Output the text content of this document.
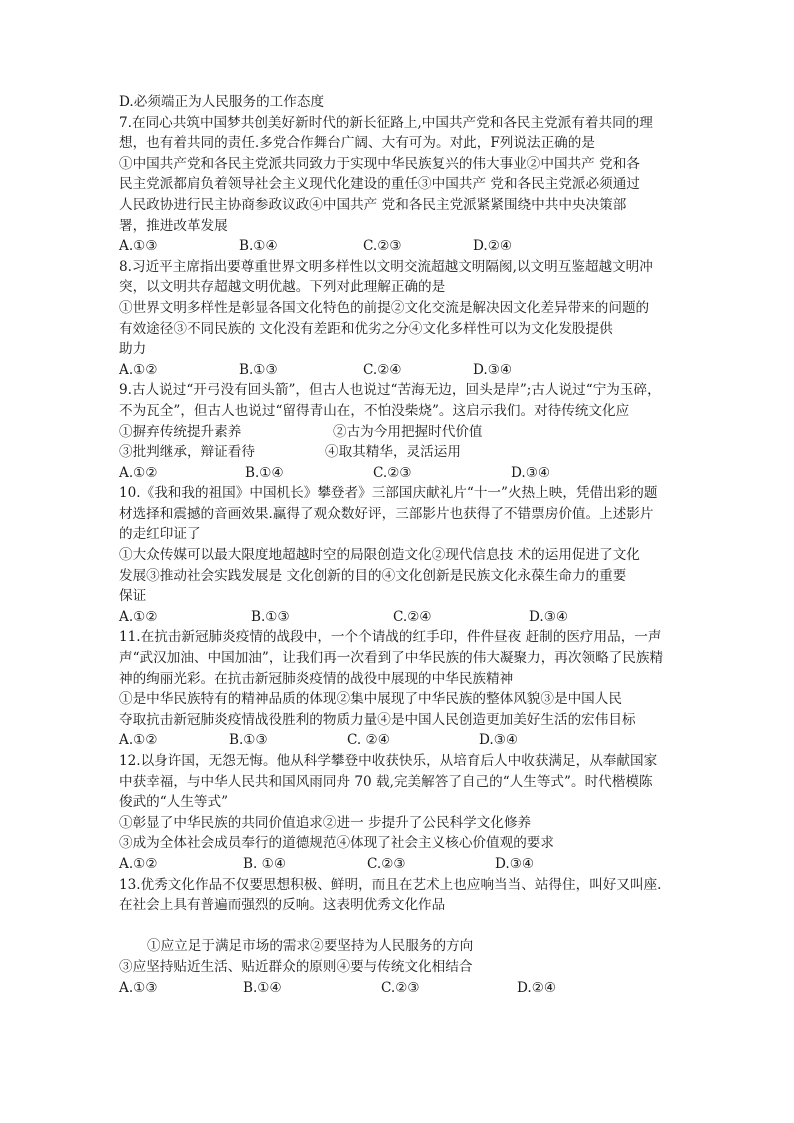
D.必须端正为人民服务的工作态度
7.在同心共筑中国梦共创美好新时代的新长征路上,中国共产党和各民主党派有着共同的理
想，也有着共同的责任.多党合作舞台广阔、大有可为。对此，F列说法正确的是
①中国共产党和各民主党派共同致力于实现中华民族复兴的伟大事业②中国共产 党和各
民主党派都肩负着领导社会主义现代化建设的重任③中国共产 党和各民主党派必须通过
人民政协进行民主协商参政议政④中国共产 党和各民主党派紧紧围绕中共中央决策部
署，推进改革发展
A.①③	B.①④	C.②③	D.②④
8.习近平主席指出要尊重世界文明多样性以文明交流超越文明隔阂,以文明互鉴超越文明冲
突，以文明共存超越文明优越。下列对此理解正确的是
①世界文明多样性是彰显各国文化特色的前提②文化交流是解决因文化差异带来的问题的
有效途径③不同民族的 文化没有差距和优劣之分④文化多样性可以为文化发股提供
助力
A.①②	B.①③	C.②④	D.③④
9.古人说过“开弓没有回头箭”，但古人也说过“苦海无边，回头是岸”;古人说过“宁为玉碎，
不为瓦全”，但古人也说过“留得青山在，不怕没柴烧”。这启示我们。对待传统文化应
①摒弃传统提升素养	②古为今用把握时代价值
③批判继承，辩证看待	④取其精华，灵活运用
A.①②	B.①④	C.②③	D.③④
10.《我和我的祖国》中国机长》攀登者》三部国庆献礼片“十一”火热上映，凭借出彩的题
材选择和震撼的音画效果.赢得了观众数好评，三部影片也获得了不错票房价值。上述影片
的走红印证了
①大众传媒可以最大限度地超越时空的局限创造文化②现代信息技 术的运用促进了文化
发展③推动社会实践发展是 文化创新的目的④文化创新是民族文化永葆生命力的重要
保证
A.①②	B.①③	C.②④	D.③④
11.在抗击新冠肺炎疫情的战段中，一个个请战的红手印，件件昼夜 赶制的医疗用品，一声
声“武汉加油、中国加油”，让我们再一次看到了中华民族的伟大凝聚力，再次领略了民族精
神的绚丽光彩。在抗击新冠肺炎疫情的战役中展现的中华民族精神
①是中华民族特有的精神品质的体现②集中展现了中华民族的整体风貌③是中国人民
夺取抗击新冠肺炎疫情战役胜利的物质力量④是中国人民创造更加美好生活的宏伟目标
A.①②	B.①③	C. ②④	D.③④
12.以身许国，无怨无悔。他从科学攀登中收获快乐，从培育后人中收获满足，从奉献国家
中获幸福，与中华人民共和国风雨同舟 70 载,完美解答了自己的“人生等式”。时代楷模陈
俊武的“人生等式”
①彰显了中华民族的共同价值追求②进一 步提升了公民科学文化修养
③成为全体社会成员奉行的道德规范④体现了社会主义核心价值观的要求
A.①②	B. ①④	C.②③	D.③④
13.优秀文化作品不仅要思想积极、鲜明，而且在艺术上也应响当当、站得住，叫好又叫座.
在社会上具有普遍而强烈的反响。这表明优秀文化作品
①应立足于满足市场的需求②要坚持为人民服务的方向
③应坚持贴近生活、贴近群众的原则④要与传统文化相结合
A.①③	B.①④	C.②③	D.②④
